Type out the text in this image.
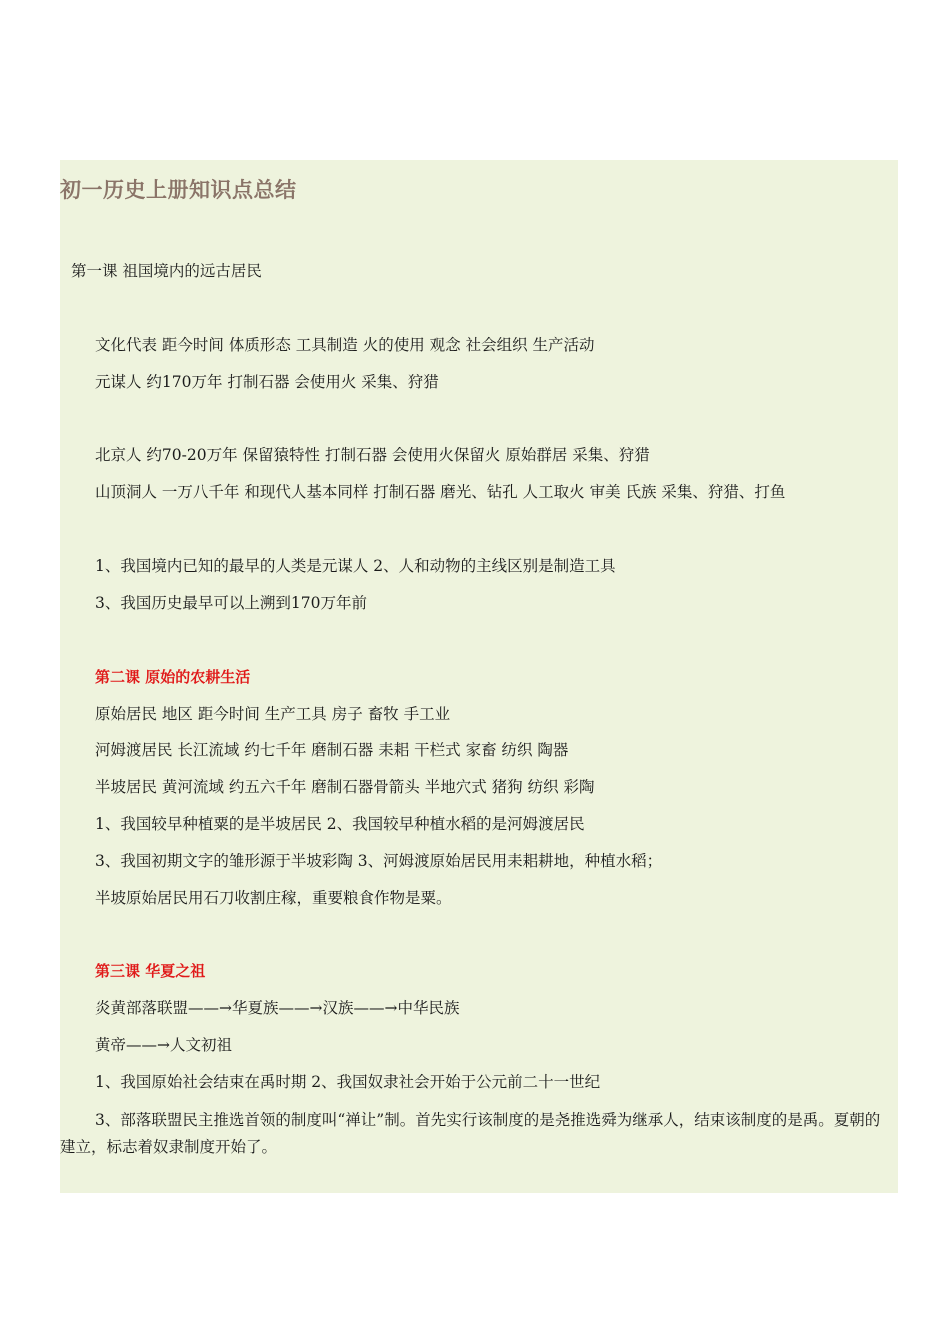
初一历史上册知识点总结
第一课 祖国境内的远古居民
文化代表 距今时间 体质形态 工具制造 火的使用 观念 社会组织 生产活动
元谋人 约170万年 打制石器 会使用火 采集、狩猎
北京人 约70-20万年 保留猿特性 打制石器 会使用火保留火 原始群居 采集、狩猎
山顶洞人 一万八千年 和现代人基本同样 打制石器 磨光、钻孔 人工取火 审美 氏族 采集、狩猎、打鱼
1、我国境内已知的最早的人类是元谋人 2、人和动物的主线区别是制造工具
3、我国历史最早可以上溯到170万年前
第二课 原始的农耕生活
原始居民 地区 距今时间 生产工具 房子 畜牧 手工业
河姆渡居民 长江流域 约七千年 磨制石器 耒耜 干栏式 家畜 纺织 陶器
半坡居民 黄河流域 约五六千年 磨制石器骨箭头 半地穴式 猪狗 纺织 彩陶
1、我国较早种植粟的是半坡居民 2、我国较早种植水稻的是河姆渡居民
3、我国初期文字的雏形源于半坡彩陶 3、河姆渡原始居民用耒耜耕地，种植水稻；
半坡原始居民用石刀收割庄稼，重要粮食作物是粟。
第三课 华夏之祖
炎黄部落联盟——→华夏族——→汉族——→中华民族
黄帝——→人文初祖
1、我国原始社会结束在禹时期 2、我国奴隶社会开始于公元前二十一世纪
3、部落联盟民主推选首领的制度叫“禅让”制。首先实行该制度的是尧推选舜为继承人，结束该制度的是禹。夏朝的建立，标志着奴隶制度开始了。
